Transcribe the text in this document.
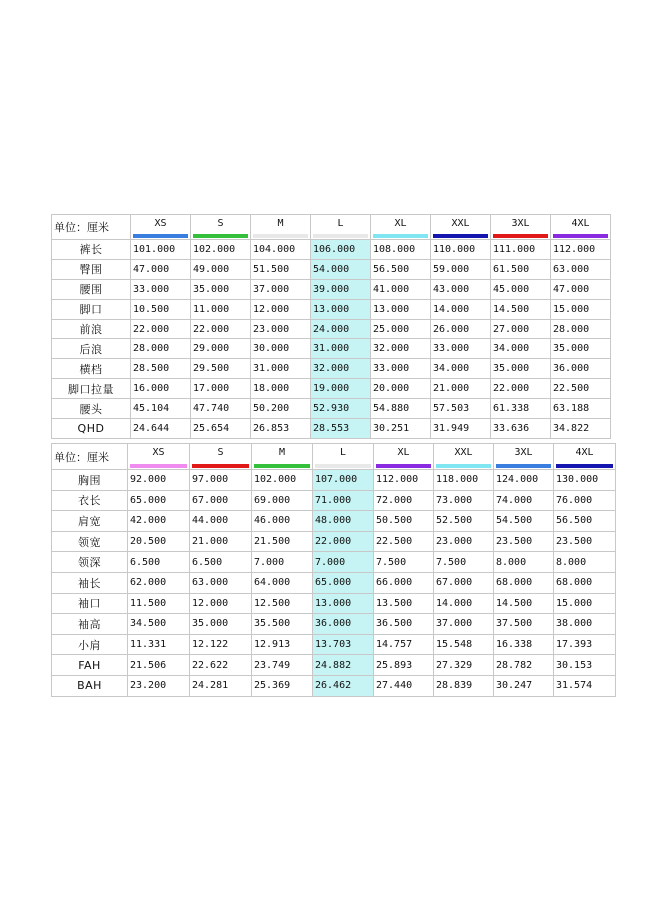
单位：厘米	XS	S	M	L	XL	XXL	3XL	4XL

裤长	101.000	102.000	104.000	106.000	108.000	110.000	111.000	112.000
臀围	47.000	49.000	51.500	54.000	56.500	59.000	61.500	63.000
腰围	33.000	35.000	37.000	39.000	41.000	43.000	45.000	47.000
脚口	10.500	11.000	12.000	13.000	13.000	14.000	14.500	15.000
前浪	22.000	22.000	23.000	24.000	25.000	26.000	27.000	28.000
后浪	28.000	29.000	30.000	31.000	32.000	33.000	34.000	35.000
横档	28.500	29.500	31.000	32.000	33.000	34.000	35.000	36.000
脚口拉量	16.000	17.000	18.000	19.000	20.000	21.000	22.000	22.500
腰头	45.104	47.740	50.200	52.930	54.880	57.503	61.338	63.188
QHD	24.644	25.654	26.853	28.553	30.251	31.949	33.636	34.822
单位：厘米	XS	S	M	L	XL	XXL	3XL	4XL

胸围	92.000	97.000	102.000	107.000	112.000	118.000	124.000	130.000
衣长	65.000	67.000	69.000	71.000	72.000	73.000	74.000	76.000
肩宽	42.000	44.000	46.000	48.000	50.500	52.500	54.500	56.500
领宽	20.500	21.000	21.500	22.000	22.500	23.000	23.500	23.500
领深	6.500	6.500	7.000	7.000	7.500	7.500	8.000	8.000
袖长	62.000	63.000	64.000	65.000	66.000	67.000	68.000	68.000
袖口	11.500	12.000	12.500	13.000	13.500	14.000	14.500	15.000
袖高	34.500	35.000	35.500	36.000	36.500	37.000	37.500	38.000
小肩	11.331	12.122	12.913	13.703	14.757	15.548	16.338	17.393
FAH	21.506	22.622	23.749	24.882	25.893	27.329	28.782	30.153
BAH	23.200	24.281	25.369	26.462	27.440	28.839	30.247	31.574
